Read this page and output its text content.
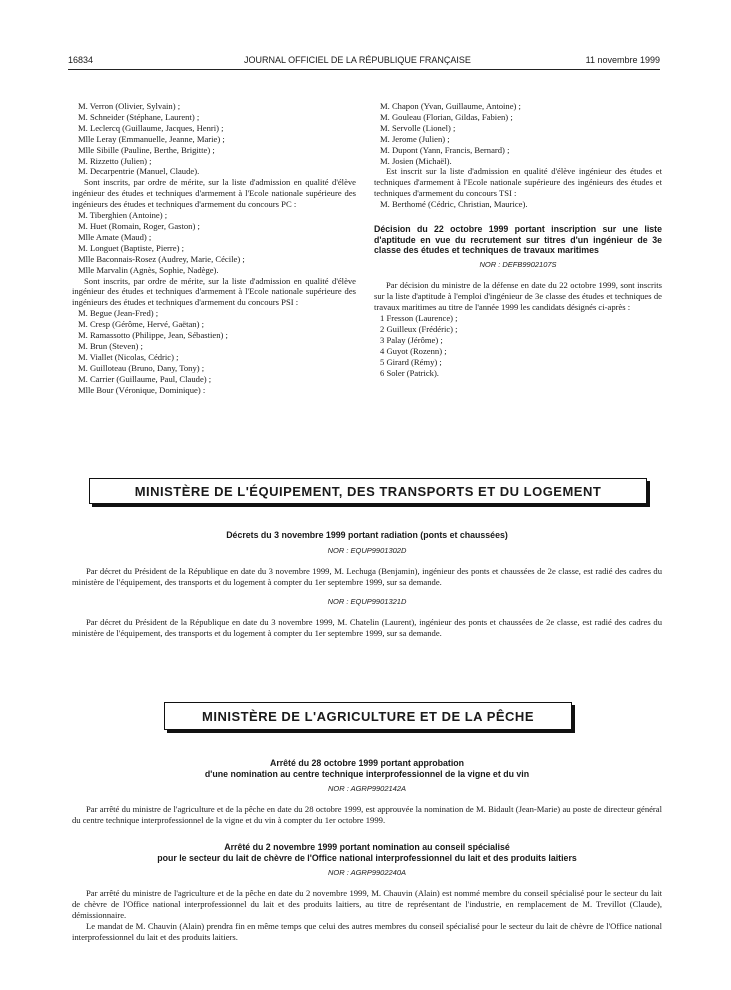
16834	JOURNAL OFFICIEL DE LA RÉPUBLIQUE FRANÇAISE	11 novembre 1999

M. Verron (Olivier, Sylvain) ;

M. Schneider (Stéphane, Laurent) ;

M. Leclercq (Guillaume, Jacques, Henri) ;

Mlle Leray (Emmanuelle, Jeanne, Marie) ;

Mlle Sibille (Pauline, Berthe, Brigitte) ;

M. Rizzetto (Julien) ;

M. Decarpentrie (Manuel, Claude).

Sont inscrits, par ordre de mérite, sur la liste d'admission en qualité d'élève ingénieur des études et techniques d'armement à l'Ecole nationale supérieure des ingénieurs des études et techniques d'armement du concours PC :

M. Tiberghien (Antoine) ;

M. Huet (Romain, Roger, Gaston) ;

Mlle Amate (Maud) ;

M. Longuet (Baptiste, Pierre) ;

Mlle Baconnais-Rosez (Audrey, Marie, Cécile) ;

Mlle Marvalin (Agnès, Sophie, Nadège).

Sont inscrits, par ordre de mérite, sur la liste d'admission en qualité d'élève ingénieur des études et techniques d'armement à l'Ecole nationale supérieure des ingénieurs des études et techniques d'armement du concours PSI :

M. Begue (Jean-Fred) ;

M. Cresp (Gérôme, Hervé, Gaëtan) ;

M. Ramassotto (Philippe, Jean, Sébastien) ;

M. Brun (Steven) ;

M. Viallet (Nicolas, Cédric) ;

M. Guilloteau (Bruno, Dany, Tony) ;

M. Carrier (Guillaume, Paul, Claude) ;

Mlle Bour (Véronique, Dominique) :

M. Chapon (Yvan, Guillaume, Antoine) ;

M. Gouleau (Florian, Gildas, Fabien) ;

M. Servolle (Lionel) ;

M. Jerome (Julien) ;

M. Dupont (Yann, Francis, Bernard) ;

M. Josien (Michaël).

Est inscrit sur la liste d'admission en qualité d'élève ingénieur des études et techniques d'armement à l'Ecole nationale supérieure des ingénieurs des études et techniques d'armement du concours TSI :

M. Berthomé (Cédric, Christian, Maurice).

Décision du 22 octobre 1999 portant inscription sur une liste d'aptitude en vue du recrutement sur titres d'un ingénieur de 3e classe des études et techniques de travaux maritimes
NOR : DEFB9902107S

Par décision du ministre de la défense en date du 22 octobre 1999, sont inscrits sur la liste d'aptitude à l'emploi d'ingénieur de 3e classe des études et techniques de travaux maritimes au titre de l'année 1999 les candidats désignés ci-après :

1 Fresson (Laurence) ;

2 Guilleux (Frédéric) ;

3 Palay (Jérôme) ;

4 Guyot (Rozenn) ;

5 Girard (Rémy) ;

6 Soler (Patrick).

MINISTÈRE DE L'ÉQUIPEMENT, DES TRANSPORTS ET DU LOGEMENT
Décrets du 3 novembre 1999 portant radiation (ponts et chaussées)
NOR : EQUP9901302D

Par décret du Président de la République en date du 3 novembre 1999, M. Lechuga (Benjamin), ingénieur des ponts et chaussées de 2e classe, est radié des cadres du ministère de l'équipement, des transports et du logement à compter du 1er septembre 1999, sur sa demande.

NOR : EQUP9901321D

Par décret du Président de la République en date du 3 novembre 1999, M. Chatelin (Laurent), ingénieur des ponts et chaussées de 2e classe, est radié des cadres du ministère de l'équipement, des transports et du logement à compter du 1er septembre 1999, sur sa demande.

MINISTÈRE DE L'AGRICULTURE ET DE LA PÊCHE
Arrêté du 28 octobre 1999 portant approbation
d'une nomination au centre technique interprofessionnel de la vigne et du vin
NOR : AGRP9902142A

Par arrêté du ministre de l'agriculture et de la pêche en date du 28 octobre 1999, est approuvée la nomination de M. Bidault (Jean-Marie) au poste de directeur général du centre technique interprofessionnel de la vigne et du vin à compter du 1er octobre 1999.

Arrêté du 2 novembre 1999 portant nomination au conseil spécialisé
pour le secteur du lait de chèvre de l'Office national interprofessionnel du lait et des produits laitiers
NOR : AGRP9902240A

Par arrêté du ministre de l'agriculture et de la pêche en date du 2 novembre 1999, M. Chauvin (Alain) est nommé membre du conseil spécialisé pour le secteur du lait de chèvre de l'Office national interprofessionnel du lait et des produits laitiers, au titre de représentant de l'industrie, en remplacement de M. Trevillot (Claude), démissionnaire.

Le mandat de M. Chauvin (Alain) prendra fin en même temps que celui des autres membres du conseil spécialisé pour le secteur du lait de chèvre de l'Office national interprofessionnel du lait et des produits laitiers.
